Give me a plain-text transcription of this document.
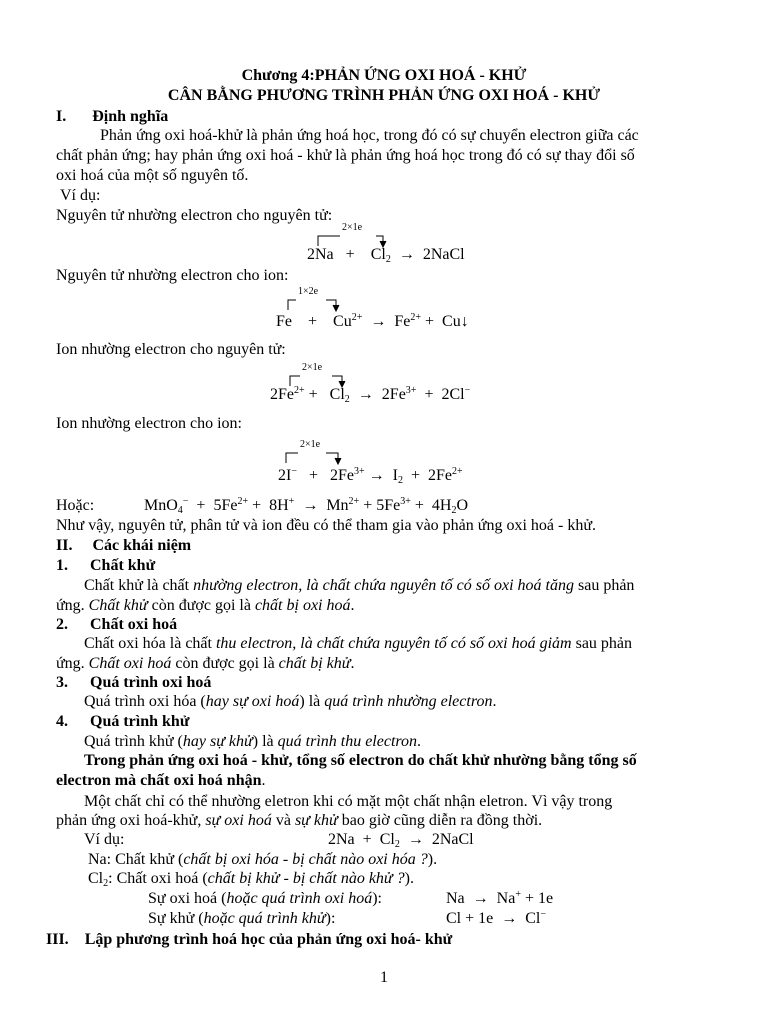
Chương 4:PHẢN ỨNG OXI HOÁ - KHỬ
CÂN BẰNG PHƯƠNG TRÌNH PHẢN ỨNG OXI HOÁ - KHỬ
I. Định nghĩa
Phản ứng oxi hoá-khử là phản ứng hoá học, trong đó có sự chuyển electron giữa các
chất phản ứng; hay phản ứng oxi hoá - khử là phản ứng hoá học trong đó có sự thay đổi số
oxi hoá của một số nguyên tố.
Ví dụ:
Nguyên tử nhường electron cho nguyên tử:
2×1e
$2Na + Cl_2$ → 2NaCl
Nguyên tử nhường electron cho ion:
1×2e
$Fe + Cu^{2+} \to Fe^{2+}$ + Cu↓
Ion nhường electron cho nguyên tử:
2×1e
$2Fe^{2+} + Cl_2 \to 2Fe^{3+} + 2Cl^-$
Ion nhường electron cho ion:
2×1e
$2I^- + 2Fe^{3+} \to I_2 + 2Fe^{2+}$
Hoặc:	$MnO_4^- + 5Fe^{2+} + 8H^+ \to Mn^{2+} + 5Fe^{3+} + 4H_2O$
Như vậy, nguyên tử, phân tử và ion đều có thể tham gia vào phản ứng oxi hoá - khử.
II. Các khái niệm
1. Chất khử
Chất khử là chất nhường electron, là chất chứa nguyên tố có số oxi hoá tăng sau phản
ứng. Chất khử còn được gọi là chất bị oxi hoá.
2. Chất oxi hoá
Chất oxi hóa là chất thu electron, là chất chứa nguyên tố có số oxi hoá giảm sau phản
ứng. Chất oxi hoá còn được gọi là chất bị khử.
3. Quá trình oxi hoá
Quá trình oxi hóa (hay sự oxi hoá) là quá trình nhường electron.
4. Quá trình khử
Quá trình khử (hay sự khử) là quá trình thu electron.
Trong phản ứng oxi hoá - khử, tổng số electron do chất khử nhường bằng tổng số
electron mà chất oxi hoá nhận.
Một chất chỉ có thể nhường eletron khi có mặt một chất nhận eletron. Vì vậy trong
phản ứng oxi hoá-khử, sự oxi hoá và sự khử bao giờ cũng diễn ra đồng thời.
Ví dụ:	$2Na + Cl_2$ → 2NaCl
Na: Chất khử (chất bị oxi hóa - bị chất nào oxi hóa ?).
$Cl_2$: Chất oxi hoá (chất bị khử - bị chất nào khử ?).
Sự oxi hoá (hoặc quá trình oxi hoá):	Na → Na+ + 1e
Sự khử (hoặc quá trình khử):	Cl + 1e → Cl−
III. Lập phương trình hoá học của phản ứng oxi hoá- khử
1
